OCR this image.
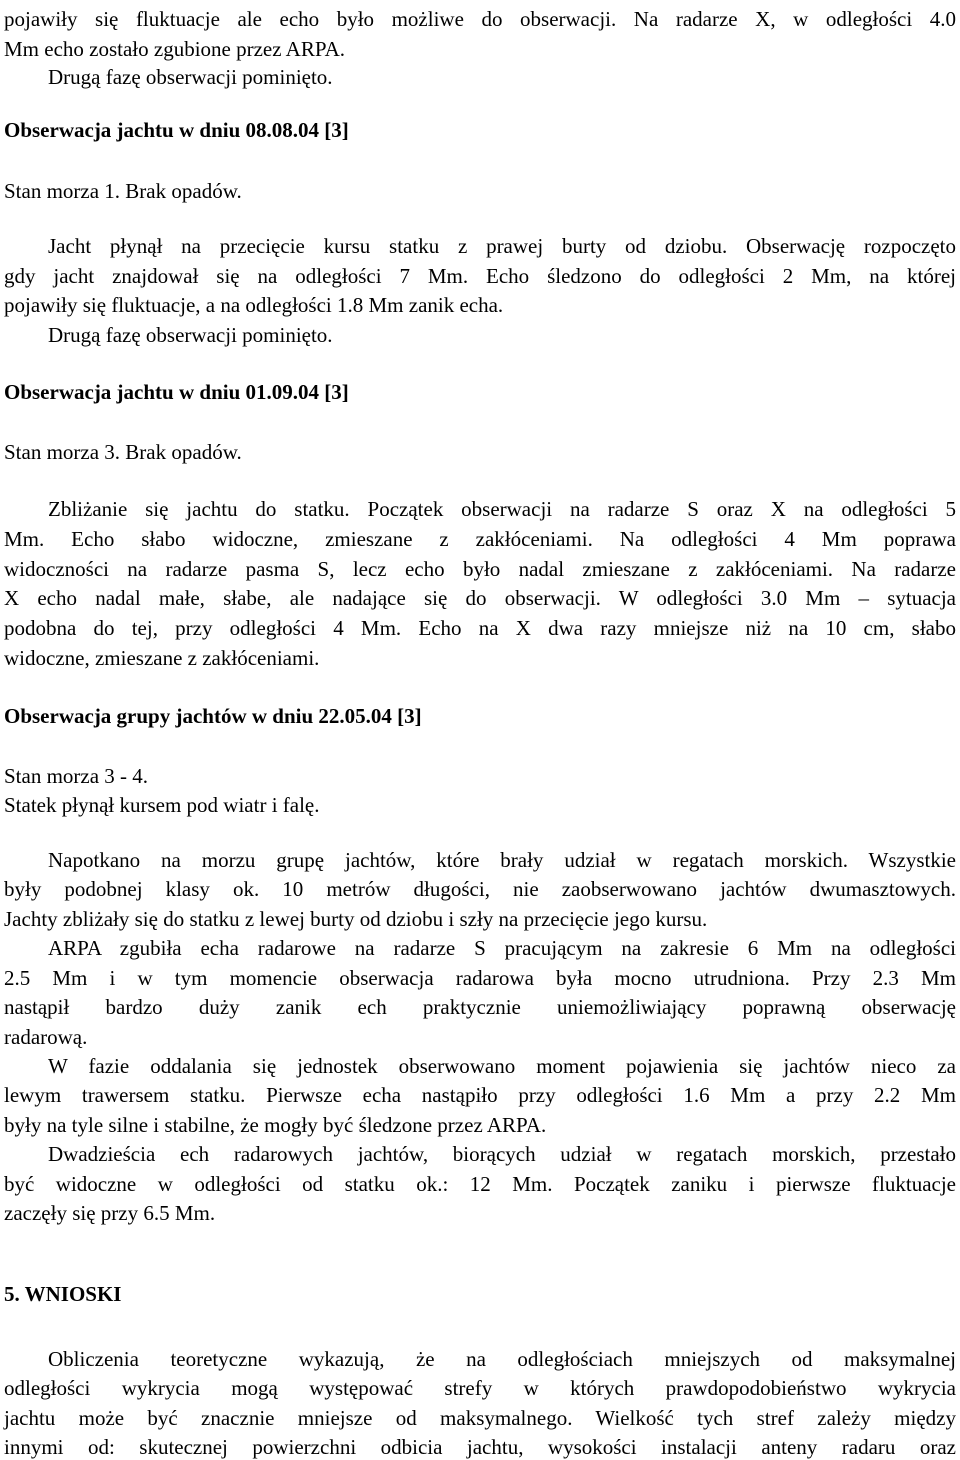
pojawiły się fluktuacje ale echo było możliwe do obserwacji. Na radarze X, w odległości 4.0
Mm echo zostało zgubione przez ARPA.
Drugą fazę obserwacji pominięto.
Obserwacja jachtu w dniu 08.08.04 [3]
Stan morza 1. Brak opadów.
Jacht płynął na przecięcie kursu statku z prawej burty od dziobu. Obserwację rozpoczęto
gdy jacht znajdował się na odległości 7 Mm. Echo śledzono do odległości 2 Mm, na której
pojawiły się fluktuacje, a na odległości 1.8 Mm zanik echa.
Drugą fazę obserwacji pominięto.
Obserwacja jachtu w dniu 01.09.04 [3]
Stan morza 3. Brak opadów.
Zbliżanie się jachtu do statku. Początek obserwacji na radarze S oraz X na odległości 5
Mm. Echo słabo widoczne, zmieszane z zakłóceniami. Na odległości 4 Mm poprawa
widoczności na radarze pasma S, lecz echo było nadal zmieszane z zakłóceniami. Na radarze
X echo nadal małe, słabe, ale nadające się do obserwacji. W odległości 3.0 Mm – sytuacja
podobna do tej, przy odległości 4 Mm. Echo na X dwa razy mniejsze niż na 10 cm, słabo
widoczne, zmieszane z zakłóceniami.
Obserwacja grupy jachtów w dniu 22.05.04 [3]
Stan morza 3 - 4.
Statek płynął kursem pod wiatr i falę.
Napotkano na morzu grupę jachtów, które brały udział w regatach morskich. Wszystkie
były podobnej klasy ok. 10 metrów długości, nie zaobserwowano jachtów dwumasztowych.
Jachty zbliżały się do statku z lewej burty od dziobu i szły na przecięcie jego kursu.
ARPA zgubiła echa radarowe na radarze S pracującym na zakresie 6 Mm na odległości
2.5 Mm i w tym momencie obserwacja radarowa była mocno utrudniona. Przy 2.3 Mm
nastąpił bardzo duży zanik ech praktycznie uniemożliwiający poprawną obserwację
radarową.
W fazie oddalania się jednostek obserwowano moment pojawienia się jachtów nieco za
lewym trawersem statku. Pierwsze echa nastąpiło przy odległości 1.6 Mm a przy 2.2 Mm
były na tyle silne i stabilne, że mogły być śledzone przez ARPA.
Dwadzieścia ech radarowych jachtów, biorących udział w regatach morskich, przestało
być widoczne w odległości od statku ok.: 12 Mm. Początek zaniku i pierwsze fluktuacje
zaczęły się przy 6.5 Mm.
5. WNIOSKI
Obliczenia teoretyczne wykazują, że na odległościach mniejszych od maksymalnej
odległości wykrycia mogą występować strefy w których prawdopodobieństwo wykrycia
jachtu może być znacznie mniejsze od maksymalnego. Wielkość tych stref zależy między
innymi od: skutecznej powierzchni odbicia jachtu, wysokości instalacji anteny radaru oraz
